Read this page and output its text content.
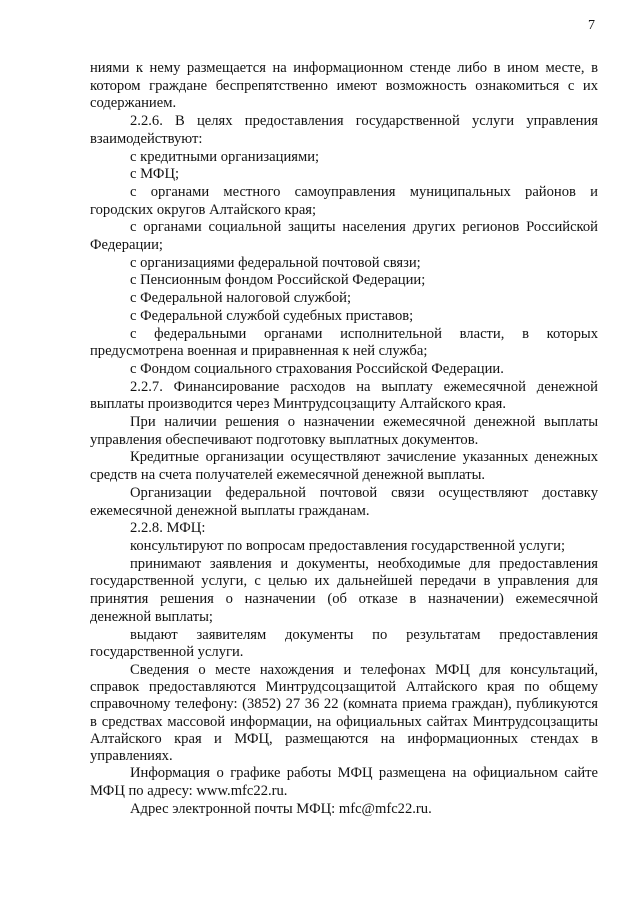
7

ниями к нему размещается на информационном стенде либо в ином месте, в котором граждане беспрепятственно имеют возможность ознакомиться с их содержанием.

2.2.6. В целях предоставления государственной услуги управления взаимодействуют:

с кредитными организациями;

с МФЦ;

с органами местного самоуправления муниципальных районов и городских округов Алтайского края;

с органами социальной защиты населения других регионов Российской Федерации;

с организациями федеральной почтовой связи;

с Пенсионным фондом Российской Федерации;

с Федеральной налоговой службой;

с Федеральной службой судебных приставов;

с федеральными органами исполнительной власти, в которых предусмотрена военная и приравненная к ней служба;

с Фондом социального страхования Российской Федерации.

2.2.7. Финансирование расходов на выплату ежемесячной денежной выплаты производится через Минтрудсоцзащиту Алтайского края.

При наличии решения о назначении ежемесячной денежной выплаты управления обеспечивают подготовку выплатных документов.

Кредитные организации осуществляют зачисление указанных денежных средств на счета получателей ежемесячной денежной выплаты.

Организации федеральной почтовой связи осуществляют доставку ежемесячной денежной выплаты гражданам.

2.2.8. МФЦ:

консультируют по вопросам предоставления государственной услуги;

принимают заявления и документы, необходимые для предоставления государственной услуги, с целью их дальнейшей передачи в управления для принятия решения о назначении (об отказе в назначении) ежемесячной денежной выплаты;

выдают заявителям документы по результатам предоставления государственной услуги.

Сведения о месте нахождения и телефонах МФЦ для консультаций, справок предоставляются Минтрудсоцзащитой Алтайского края по общему справочному телефону: (3852) 27 36 22 (комната приема граждан), публикуются в средствах массовой информации, на официальных сайтах Минтрудсоцзащиты Алтайского края и МФЦ, размещаются на информационных стендах в управлениях.

Информация о графике работы МФЦ размещена на официальном сайте МФЦ по адресу: www.mfc22.ru.

Адрес электронной почты МФЦ: mfc@mfc22.ru.
